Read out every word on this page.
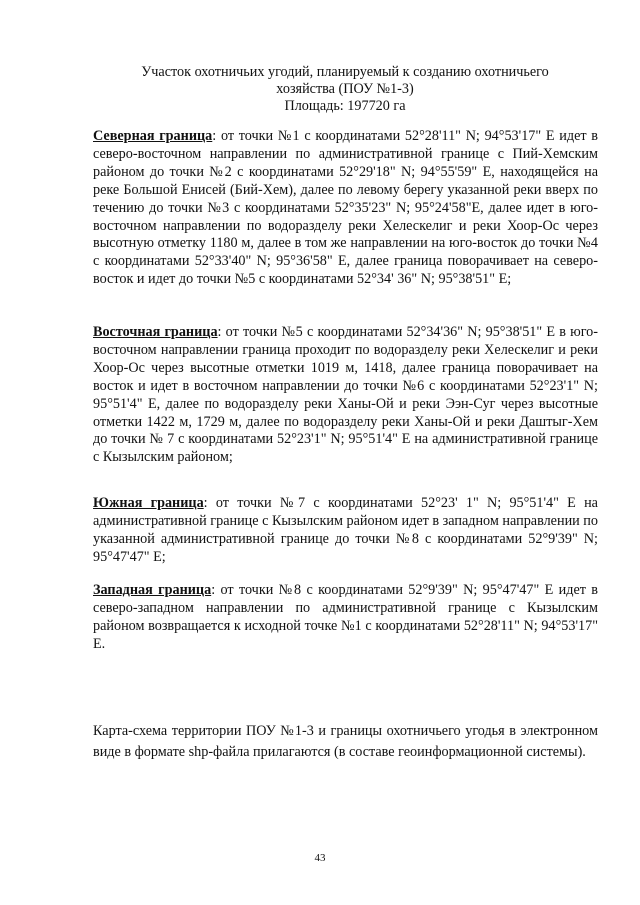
Участок охотничьих угодий, планируемый к созданию охотничьего
хозяйства (ПОУ №1-3)
Площадь: 197720 га
Северная граница: от точки №1 с координатами 52°28'11" N; 94°53'17" Е идет в северо-восточном направлении по административной границе с Пий-Хемским районом до точки №2 с координатами 52°29'18" N; 94°55'59" Е, находящейся на реке Большой Енисей (Бий-Хем), далее по левому берегу указанной реки вверх по течению до точки №3 с координатами 52°35'23" N; 95°24'58"Е, далее идет в юго-восточном направлении по водоразделу реки Хелескелиг и реки Хоор-Ос через высотную отметку 1180 м, далее в том же направлении на юго-восток до точки №4 с координатами 52°33'40" N; 95°36'58" Е, далее граница поворачивает на северо-восток и идет до точки №5 с координатами 52°34' 36" N; 95°38'51" Е;
Восточная граница: от точки №5 с координатами 52°34'36" N; 95°38'51" Е в юго-восточном направлении граница проходит по водоразделу реки Хелескелиг и реки Хоор-Ос через высотные отметки 1019 м, 1418, далее граница поворачивает на восток и идет в восточном направлении до точки №6 с координатами 52°23'1" N; 95°51'4" Е, далее по водоразделу реки Ханы-Ой и реки Ээн-Суг через высотные отметки 1422 м, 1729 м, далее по водоразделу реки Ханы-Ой и реки Даштыг-Хем до точки № 7 с координатами 52°23'1" N; 95°51'4" Е на административной границе с Кызылским районом;
Южная граница: от точки №7 с координатами 52°23' 1" N; 95°51'4" Е на административной границе с Кызылским районом идет в западном направлении по указанной административной границе до точки №8 с координатами 52°9'39" N; 95°47'47" Е;
Западная граница: от точки №8 с координатами 52°9'39" N; 95°47'47" Е идет в северо-западном направлении по административной границе с Кызылским районом возвращается к исходной точке №1 с координатами 52°28'11" N; 94°53'17" Е.
Карта-схема территории ПОУ №1-3 и границы охотничьего угодья в электронном виде в формате shp-файла прилагаются (в составе геоинформационной системы).
43
